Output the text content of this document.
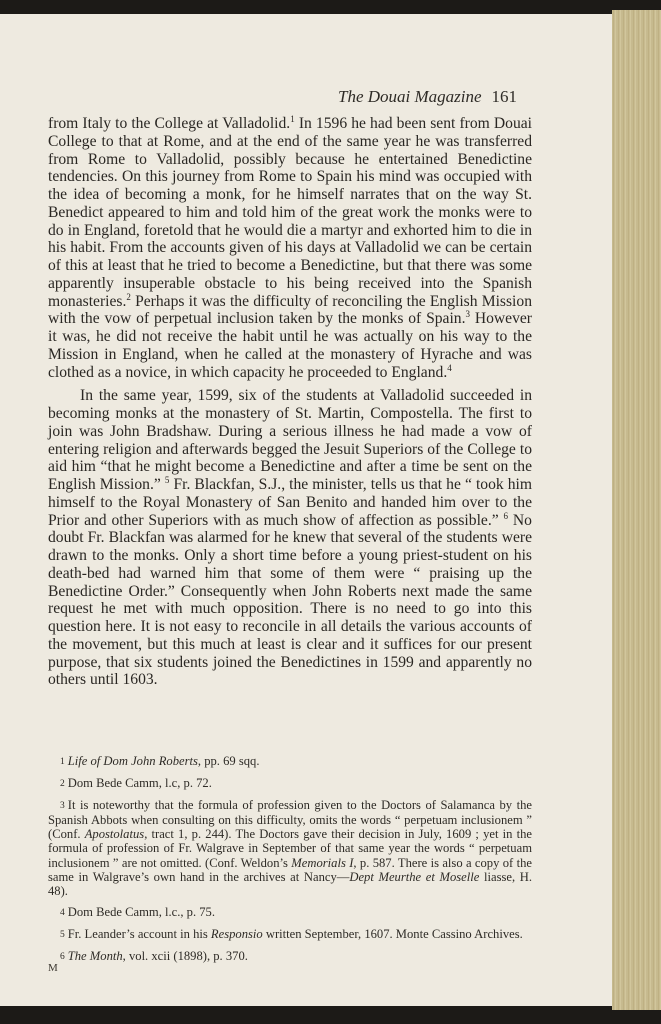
The Douai Magazine 161

from Italy to the College at Valladolid.$^1$ In 1596 he had been sent from Douai College to that at Rome, and at the end of the same year he was transferred from Rome to Valladolid, possibly because he entertained Benedictine tendencies. On this journey from Rome to Spain his mind was occupied with the idea of becoming a monk, for he himself narrates that on the way St. Benedict appeared to him and told him of the great work the monks were to do in England, foretold that he would die a martyr and exhorted him to die in his habit. From the accounts given of his days at Valladolid we can be certain of this at least that he tried to become a Benedictine, but that there was some apparently insuperable obstacle to his being received into the Spanish monasteries.$^2$ Perhaps it was the difficulty of reconciling the English Mission with the vow of perpetual inclusion taken by the monks of Spain.$^3$ However it was, he did not receive the habit until he was actually on his way to the Mission in England, when he called at the monastery of Hyrache and was clothed as a novice, in which capacity he proceeded to England.$^4$

In the same year, 1599, six of the students at Valladolid succeeded in becoming monks at the monastery of St. Martin, Compostella. The first to join was John Bradshaw. During a serious illness he had made a vow of entering religion and afterwards begged the Jesuit Superiors of the College to aid him “that he might become a Benedictine and after a time be sent on the English Mission.” $^5$ Fr. Blackfan, S.J., the minister, tells us that he “ took him himself to the Royal Monastery of San Benito and handed him over to the Prior and other Superiors with as much show of affection as possible.” $^6$ No doubt Fr. Blackfan was alarmed for he knew that several of the students were drawn to the monks. Only a short time before a young priest-student on his death-bed had warned him that some of them were “ praising up the Benedictine Order.” Consequently when John Roberts next made the same request he met with much opposition. There is no need to go into this question here. It is not easy to reconcile in all details the various accounts of the movement, but this much at least is clear and it suffices for our present purpose, that six students joined the Benedictines in 1599 and apparently no others until 1603.

1 Life of Dom John Roberts, pp. 69 sqq.

2 Dom Bede Camm, l.c, p. 72.

3 It is noteworthy that the formula of profession given to the Doctors of Salamanca by the Spanish Abbots when consulting on this difficulty, omits the words “ perpetuam inclusionem ” (Conf. Apostolatus, tract 1, p. 244). The Doctors gave their decision in July, 1609 ; yet in the formula of profession of Fr. Walgrave in September of that same year the words “ perpetuam inclusionem ” are not omitted. (Conf. Weldon’s Memorials I, p. 587. There is also a copy of the same in Walgrave’s own hand in the archives at Nancy—Dept Meurthe et Moselle liasse, H. 48).

4 Dom Bede Camm, l.c., p. 75.

5 Fr. Leander’s account in his Responsio written September, 1607. Monte Cassino Archives.

6 The Month, vol. xcii (1898), p. 370.

M
